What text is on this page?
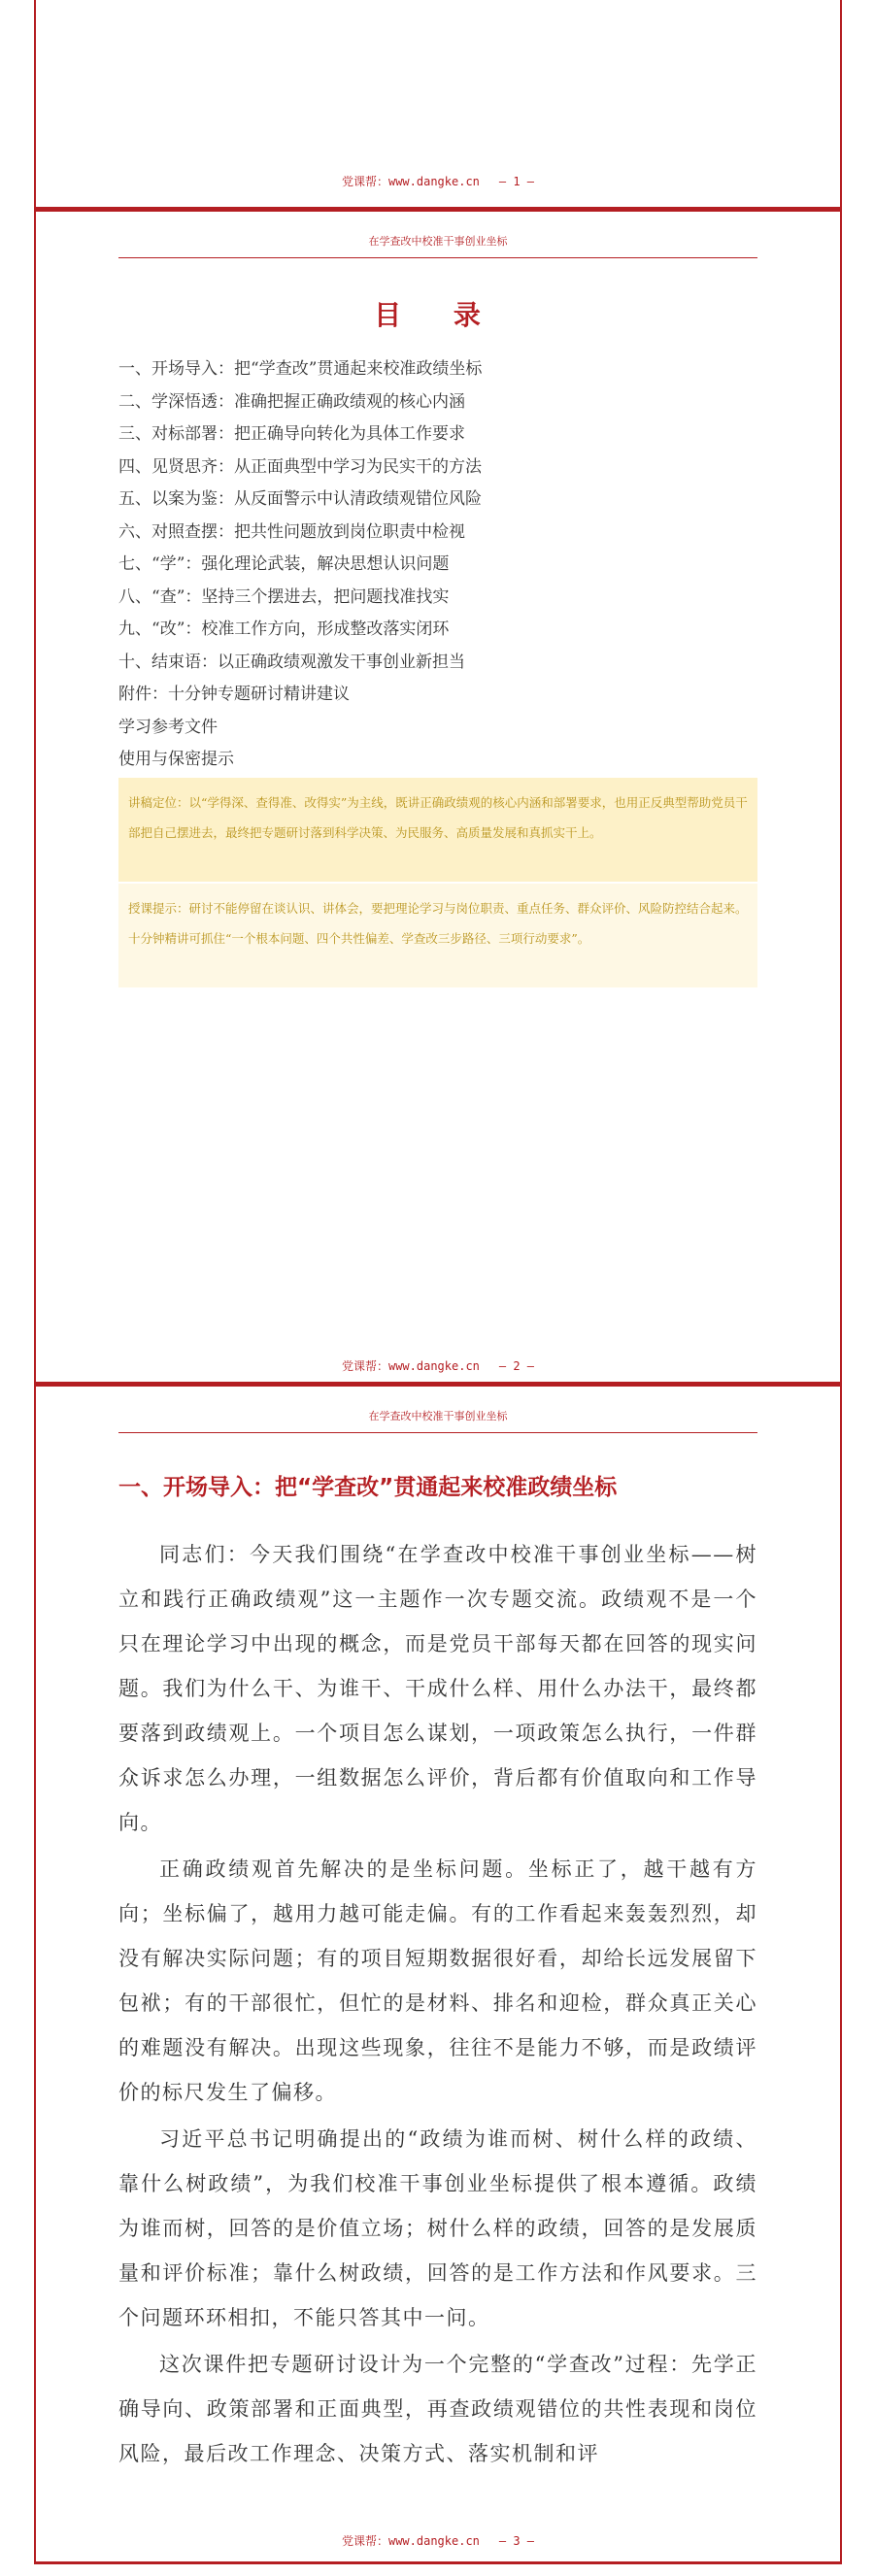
党课帮：www.dangke.cn — 1 —
在学查改中校准干事创业坐标
目 录
一、开场导入：把“学查改”贯通起来校准政绩坐标
二、学深悟透：准确把握正确政绩观的核心内涵
三、对标部署：把正确导向转化为具体工作要求
四、见贤思齐：从正面典型中学习为民实干的方法
五、以案为鉴：从反面警示中认清政绩观错位风险
六、对照查摆：把共性问题放到岗位职责中检视
七、“学”：强化理论武装，解决思想认识问题
八、“查”：坚持三个摆进去，把问题找准找实
九、“改”：校准工作方向，形成整改落实闭环
十、结束语：以正确政绩观激发干事创业新担当
附件：十分钟专题研讨精讲建议
学习参考文件
使用与保密提示
讲稿定位：以“学得深、查得准、改得实”为主线，既讲正确政绩观的核心内涵和部署要求，也用正反典型帮助党员干部把自己摆进去，最终把专题研讨落到科学决策、为民服务、高质量发展和真抓实干上。
授课提示：研讨不能停留在谈认识、讲体会，要把理论学习与岗位职责、重点任务、群众评价、风险防控结合起来。十分钟精讲可抓住“一个根本问题、四个共性偏差、学查改三步路径、三项行动要求”。
党课帮：www.dangke.cn — 2 —
在学查改中校准干事创业坐标
一、开场导入：把“学查改”贯通起来校准政绩坐标

同志们：今天我们围绕“在学查改中校准干事创业坐标——树立和践行正确政绩观”这一主题作一次专题交流。政绩观不是一个只在理论学习中出现的概念，而是党员干部每天都在回答的现实问题。我们为什么干、为谁干、干成什么样、用什么办法干，最终都要落到政绩观上。一个项目怎么谋划，一项政策怎么执行，一件群众诉求怎么办理，一组数据怎么评价，背后都有价值取向和工作导向。

正确政绩观首先解决的是坐标问题。坐标正了，越干越有方向；坐标偏了，越用力越可能走偏。有的工作看起来轰轰烈烈，却没有解决实际问题；有的项目短期数据很好看，却给长远发展留下包袱；有的干部很忙，但忙的是材料、排名和迎检，群众真正关心的难题没有解决。出现这些现象，往往不是能力不够，而是政绩评价的标尺发生了偏移。

习近平总书记明确提出的“政绩为谁而树、树什么样的政绩、靠什么树政绩”，为我们校准干事创业坐标提供了根本遵循。政绩为谁而树，回答的是价值立场；树什么样的政绩，回答的是发展质量和评价标准；靠什么树政绩，回答的是工作方法和作风要求。三个问题环环相扣，不能只答其中一问。

这次课件把专题研讨设计为一个完整的“学查改”过程：先学正确导向、政策部署和正面典型，再查政绩观错位的共性表现和岗位风险，最后改工作理念、决策方式、落实机制和评

党课帮：www.dangke.cn — 3 —
